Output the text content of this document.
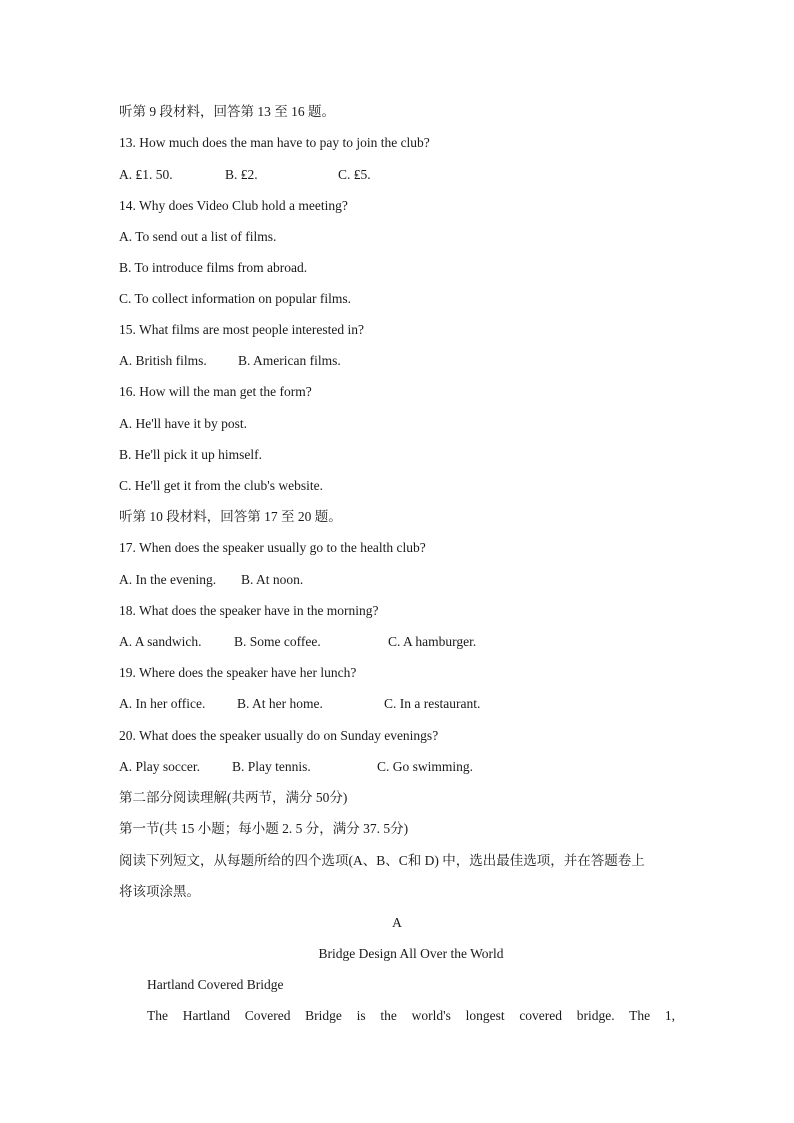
听第 9 段材料，回答第 13 至 16 题。
13. How much does the man have to pay to join the club?
A. ₤1. 50.	B. ₤2.	C. ₤5.
14. Why does Video Club hold a meeting?
A. To send out a list of films.
B. To introduce films from abroad.
C. To collect information on popular films.
15. What films are most people interested in?
A. British films. B. American films.
16. How will the man get the form?
A. He'll have it by post.
B. He'll pick it up himself.
C. He'll get it from the club's website.
听第 10 段材料，回答第 17 至 20 题。
17. When does the speaker usually go to the health club?
A. In the evening. B. At noon.
18. What does the speaker have in the morning?
A. A sandwich. B. Some coffee.	C. A hamburger.
19. Where does the speaker have her lunch?
A. In her office. B. At her home.	C. In a restaurant.
20. What does the speaker usually do on Sunday evenings?
A. Play soccer. B. Play tennis.	C. Go swimming.
第二部分阅读理解(共两节，满分 50分)
第一节(共 15 小题；每小题 2. 5 分，满分 37. 5分)
阅读下列短文，从每题所给的四个选项(A、B、C和 D) 中，选出最佳选项，并在答题卷上
将该项涂黑。
A
Bridge Design All Over the World
Hartland Covered Bridge
The Hartland Covered Bridge is the world's longest covered bridge. The 1,
